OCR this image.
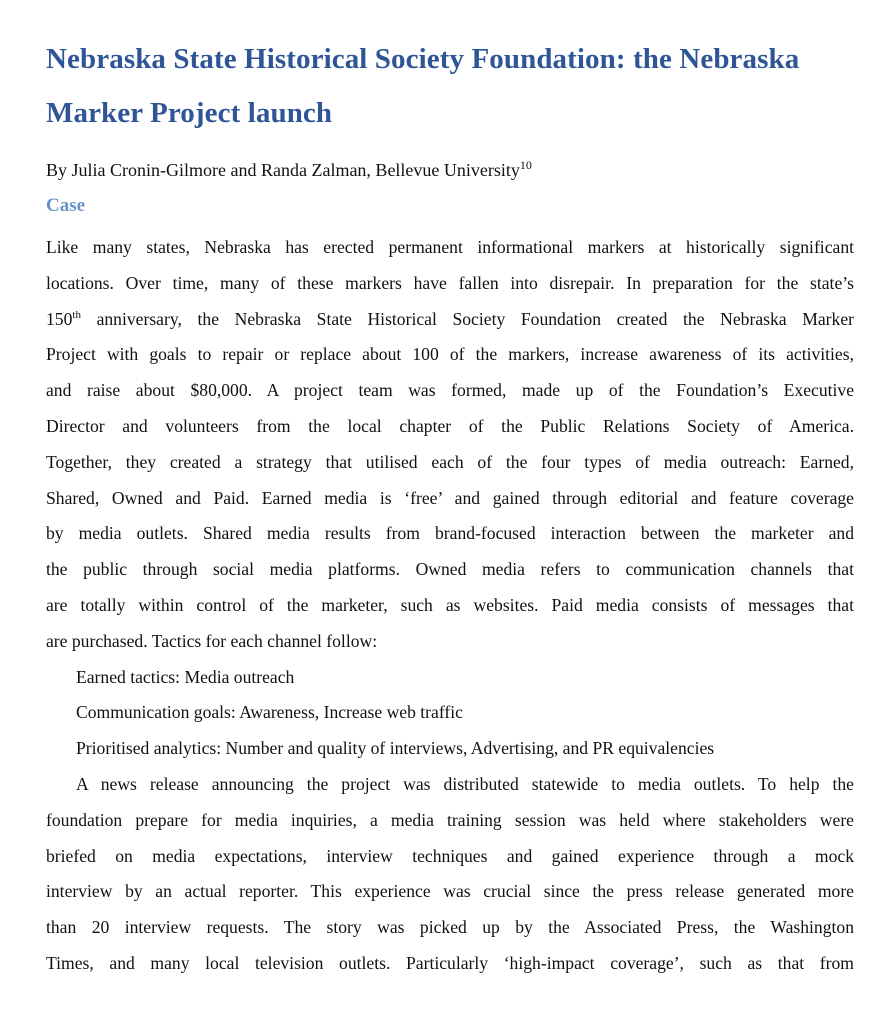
Nebraska State Historical Society Foundation: the Nebraska
Marker Project launch
By Julia Cronin-Gilmore and Randa Zalman, Bellevue University$^{10}$
Case
Like many states, Nebraska has erected permanent informational markers at historically significant
locations. Over time, many of these markers have fallen into disrepair. In preparation for the state’s
150th anniversary, the Nebraska State Historical Society Foundation created the Nebraska Marker
Project with goals to repair or replace about 100 of the markers, increase awareness of its activities,
and raise about $80,000. A project team was formed, made up of the Foundation’s Executive
Director and volunteers from the local chapter of the Public Relations Society of America.
Together, they created a strategy that utilised each of the four types of media outreach: Earned,
Shared, Owned and Paid. Earned media is ‘free’ and gained through editorial and feature coverage
by media outlets. Shared media results from brand-focused interaction between the marketer and
the public through social media platforms. Owned media refers to communication channels that
are totally within control of the marketer, such as websites. Paid media consists of messages that
are purchased. Tactics for each channel follow:
Earned tactics: Media outreach
Communication goals: Awareness, Increase web traffic
Prioritised analytics: Number and quality of interviews, Advertising, and PR equivalencies
A news release announcing the project was distributed statewide to media outlets. To help the
foundation prepare for media inquiries, a media training session was held where stakeholders were
briefed on media expectations, interview techniques and gained experience through a mock
interview by an actual reporter. This experience was crucial since the press release generated more
than 20 interview requests. The story was picked up by the Associated Press, the Washington
Times, and many local television outlets. Particularly ‘high-impact coverage’, such as that from
